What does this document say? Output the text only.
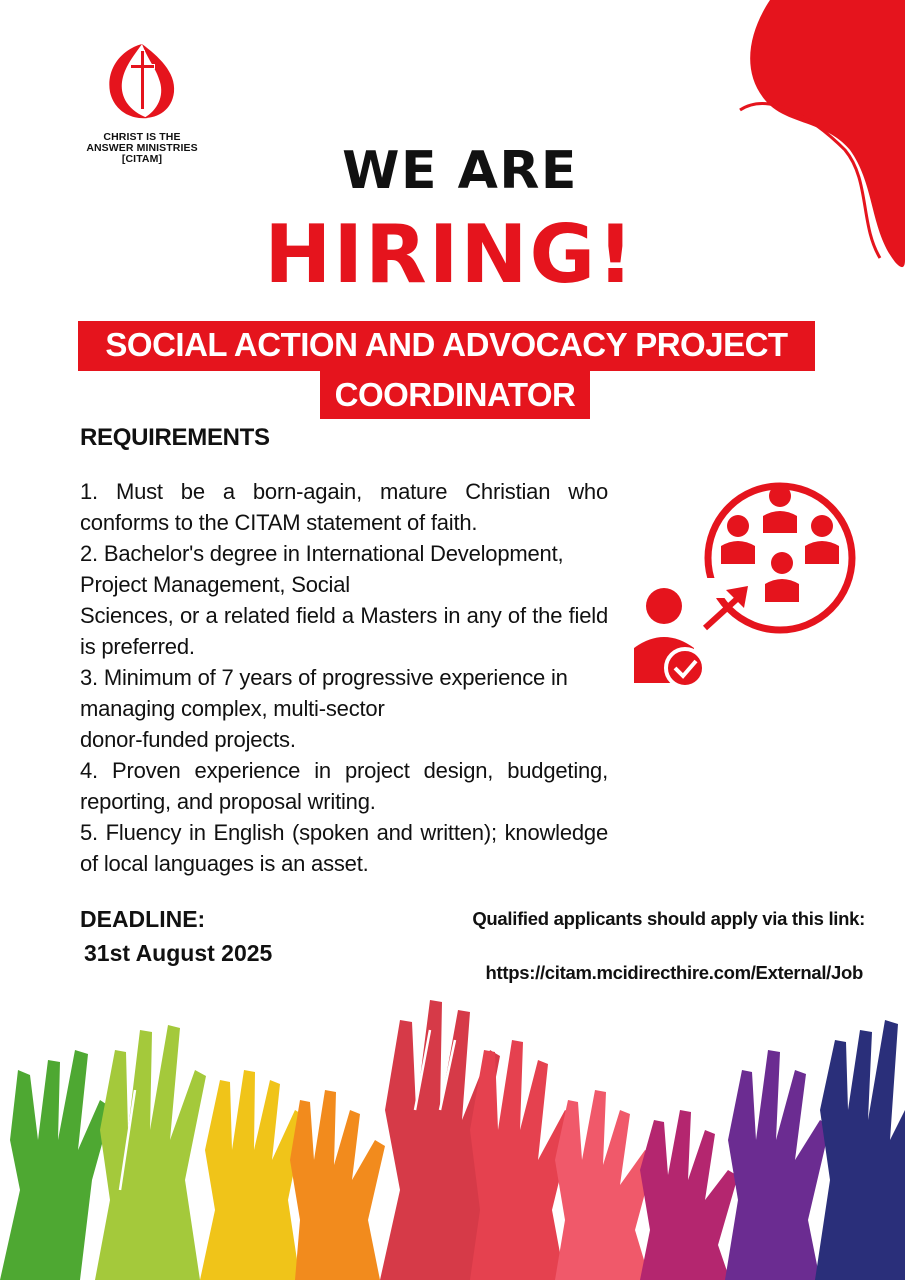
CHRIST IS THE
ANSWER MINISTRIES
[CITAM]	WE ARE
HIRING!
SOCIAL ACTION AND ADVOCACY PROJECT
COORDINATOR
REQUIREMENTS
1. Must be a born-again, mature Christian who conforms to the CITAM statement of faith.
2. Bachelor's degree in International Development, Project Management, Social
Sciences, or a related field a Masters in any of the field is preferred.
3. Minimum of 7 years of progressive experience in managing complex, multi-sector
donor-funded projects.
4. Proven experience in project design, budgeting, reporting, and proposal writing.
5. Fluency in English (spoken and written); knowledge of local languages is an asset.
DEADLINE:
31st August 2025
Qualified applicants should apply via this link:
https://citam.mcidirecthire.com/External/Job
